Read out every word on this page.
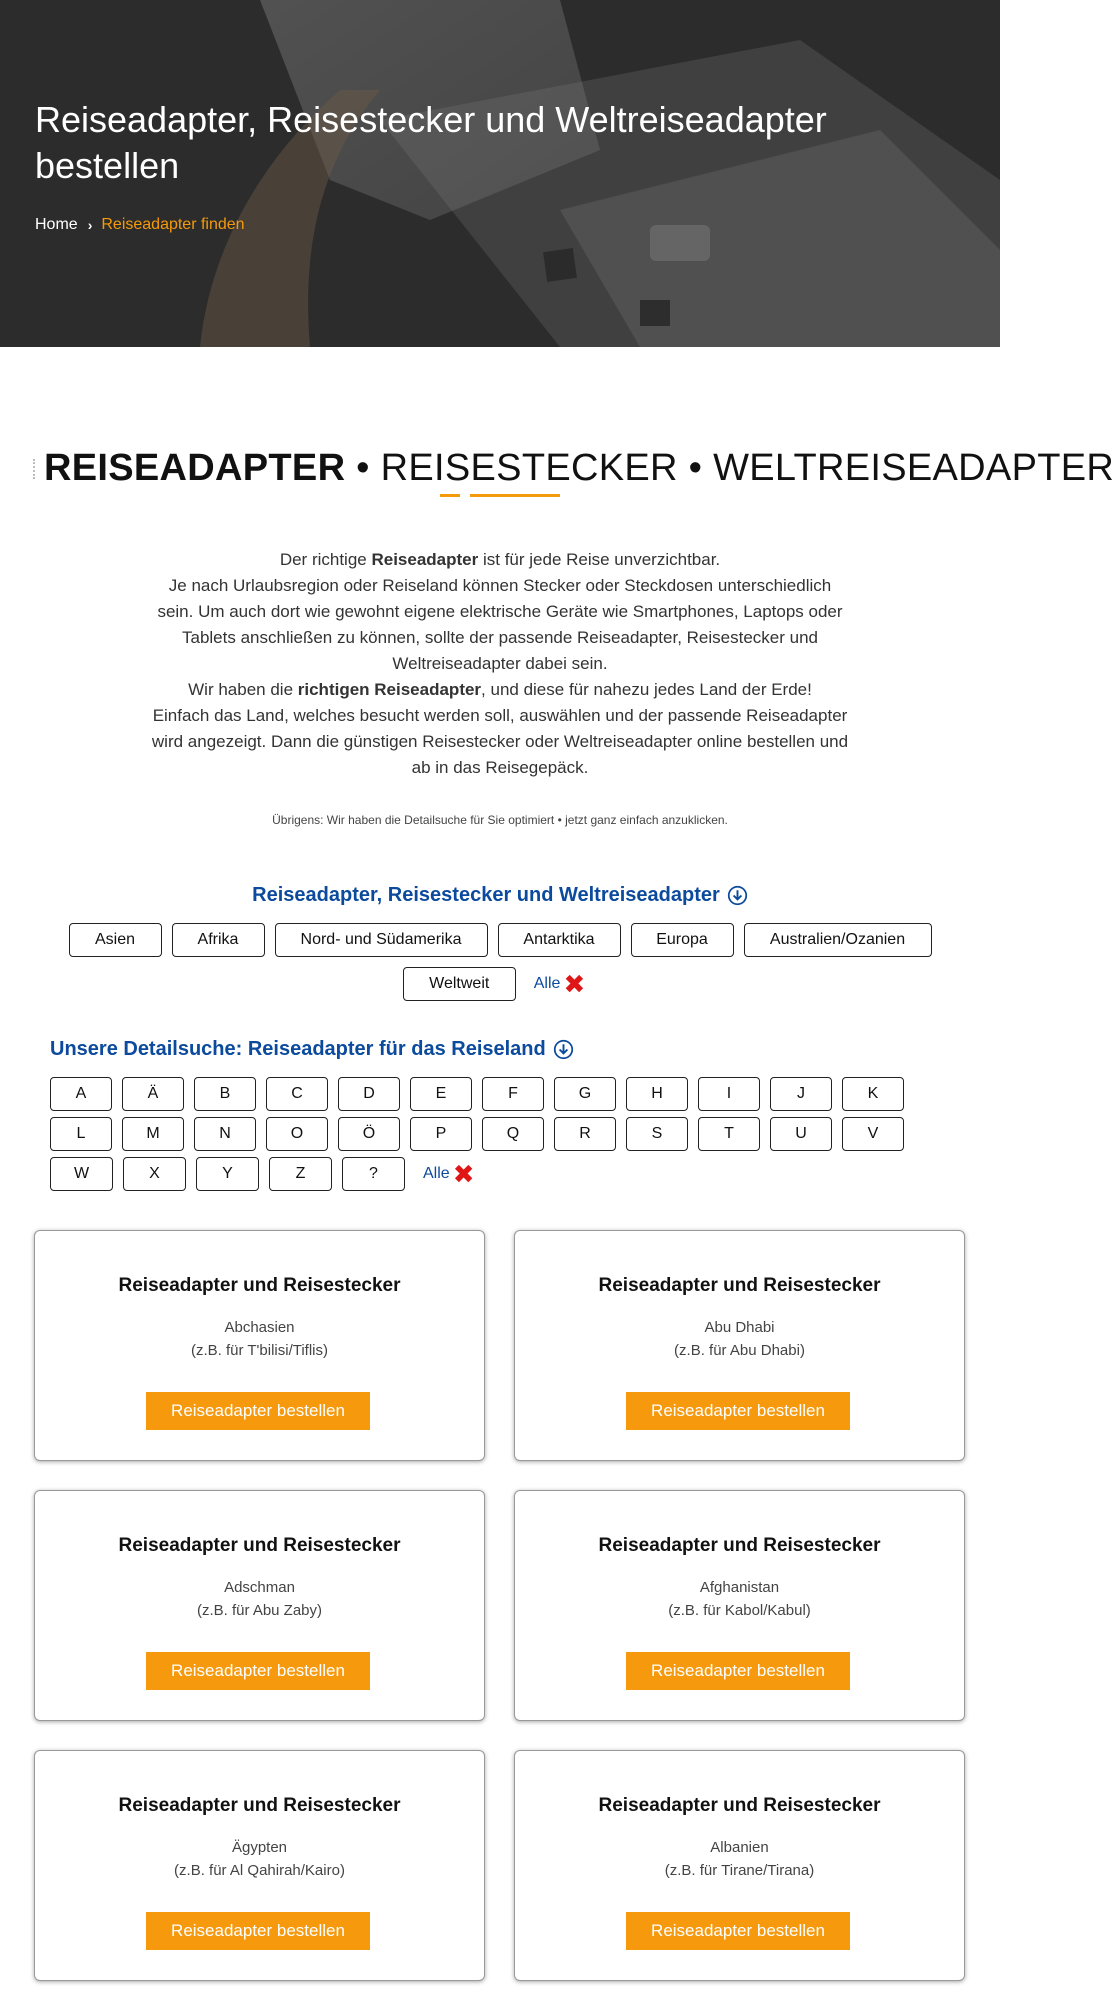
Reiseadapter, Reisestecker und Weltreiseadapter bestellen
Home › Reiseadapter finden
REISEADAPTER • REISESTECKER • WELTREISEADAPTER

Der richtige Reiseadapter ist für jede Reise unverzichtbar.

Je nach Urlaubsregion oder Reiseland können Stecker oder Steckdosen unterschiedlich sein. Um auch dort wie gewohnt eigene elektrische Geräte wie Smartphones, Laptops oder Tablets anschließen zu können, sollte der passende Reiseadapter, Reisestecker und Weltreiseadapter dabei sein.

Wir haben die richtigen Reiseadapter, und diese für nahezu jedes Land der Erde!

Einfach das Land, welches besucht werden soll, auswählen und der passende Reiseadapter wird angezeigt. Dann die günstigen Reisestecker oder Weltreiseadapter online bestellen und ab in das Reisegepäck.

Übrigens: Wir haben die Detailsuche für Sie optimiert • jetzt ganz einfach anzuklicken.
Reiseadapter, Reisestecker und Weltreiseadapter
Asien	Afrika	Nord- und Südamerika	Antarktika	Europa	Australien/Ozanien
Weltweit	Alle ✖
Unsere Detailsuche: Reiseadapter für das Reiseland
A	Ä	B	C	D	E	F	G	H	I	J	K
L	M	N	O	Ö	P	Q	R	S	T	U	V
W	X	Y	Z	?	Alle ✖
Reiseadapter und Reisestecker
Abchasien
(z.B. für T'bilisi/Tiflis)
Reiseadapter bestellen
Reiseadapter und Reisestecker
Abu Dhabi
(z.B. für Abu Dhabi)
Reiseadapter bestellen
Reiseadapter und Reisestecker
Adschman
(z.B. für Abu Zaby)
Reiseadapter bestellen
Reiseadapter und Reisestecker
Afghanistan
(z.B. für Kabol/Kabul)
Reiseadapter bestellen
Reiseadapter und Reisestecker
Ägypten
(z.B. für Al Qahirah/Kairo)
Reiseadapter bestellen
Reiseadapter und Reisestecker
Albanien
(z.B. für Tirane/Tirana)
Reiseadapter bestellen
